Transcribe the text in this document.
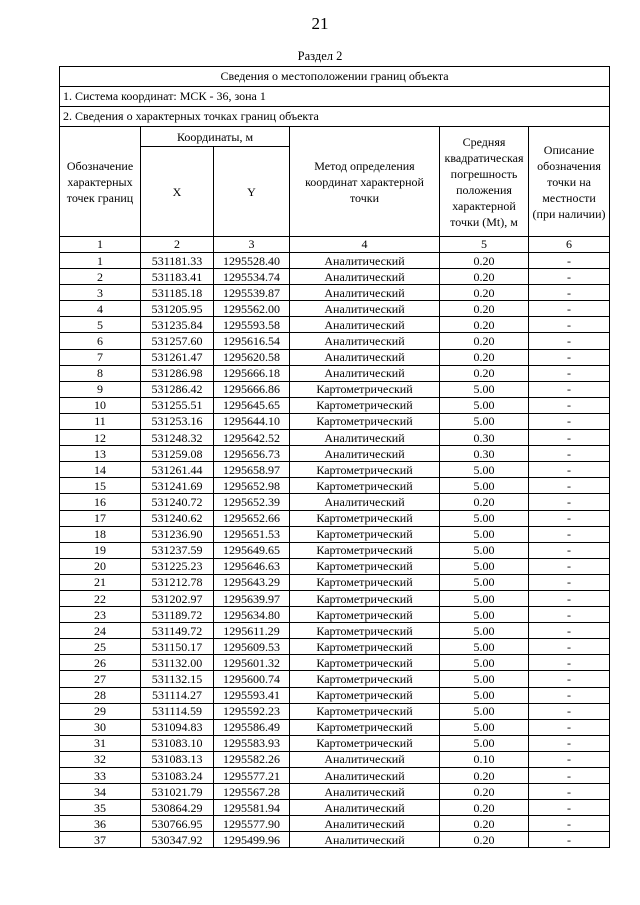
21
Раздел 2
Сведения о местоположении границ объекта					
1. Система координат: МСК - 36, зона 1					
2. Сведения о характерных точках границ объекта					
Обозначение характерных точек границ	Координаты, м		Метод определения координат характерной точки	Средняя квадратическая погрешность положения характерной точки (Mt), м	Описание обозначения точки на местности (при наличии)
	X	Y			
1	2	3	4	5	6
1	531181.33	1295528.40	Аналитический	0.20	-
2	531183.41	1295534.74	Аналитический	0.20	-
3	531185.18	1295539.87	Аналитический	0.20	-
4	531205.95	1295562.00	Аналитический	0.20	-
5	531235.84	1295593.58	Аналитический	0.20	-
6	531257.60	1295616.54	Аналитический	0.20	-
7	531261.47	1295620.58	Аналитический	0.20	-
8	531286.98	1295666.18	Аналитический	0.20	-
9	531286.42	1295666.86	Картометрический	5.00	-
10	531255.51	1295645.65	Картометрический	5.00	-
11	531253.16	1295644.10	Картометрический	5.00	-
12	531248.32	1295642.52	Аналитический	0.30	-
13	531259.08	1295656.73	Аналитический	0.30	-
14	531261.44	1295658.97	Картометрический	5.00	-
15	531241.69	1295652.98	Картометрический	5.00	-
16	531240.72	1295652.39	Аналитический	0.20	-
17	531240.62	1295652.66	Картометрический	5.00	-
18	531236.90	1295651.53	Картометрический	5.00	-
19	531237.59	1295649.65	Картометрический	5.00	-
20	531225.23	1295646.63	Картометрический	5.00	-
21	531212.78	1295643.29	Картометрический	5.00	-
22	531202.97	1295639.97	Картометрический	5.00	-
23	531189.72	1295634.80	Картометрический	5.00	-
24	531149.72	1295611.29	Картометрический	5.00	-
25	531150.17	1295609.53	Картометрический	5.00	-
26	531132.00	1295601.32	Картометрический	5.00	-
27	531132.15	1295600.74	Картометрический	5.00	-
28	531114.27	1295593.41	Картометрический	5.00	-
29	531114.59	1295592.23	Картометрический	5.00	-
30	531094.83	1295586.49	Картометрический	5.00	-
31	531083.10	1295583.93	Картометрический	5.00	-
32	531083.13	1295582.26	Аналитический	0.10	-
33	531083.24	1295577.21	Аналитический	0.20	-
34	531021.79	1295567.28	Аналитический	0.20	-
35	530864.29	1295581.94	Аналитический	0.20	-
36	530766.95	1295577.90	Аналитический	0.20	-
37	530347.92	1295499.96	Аналитический	0.20	-
